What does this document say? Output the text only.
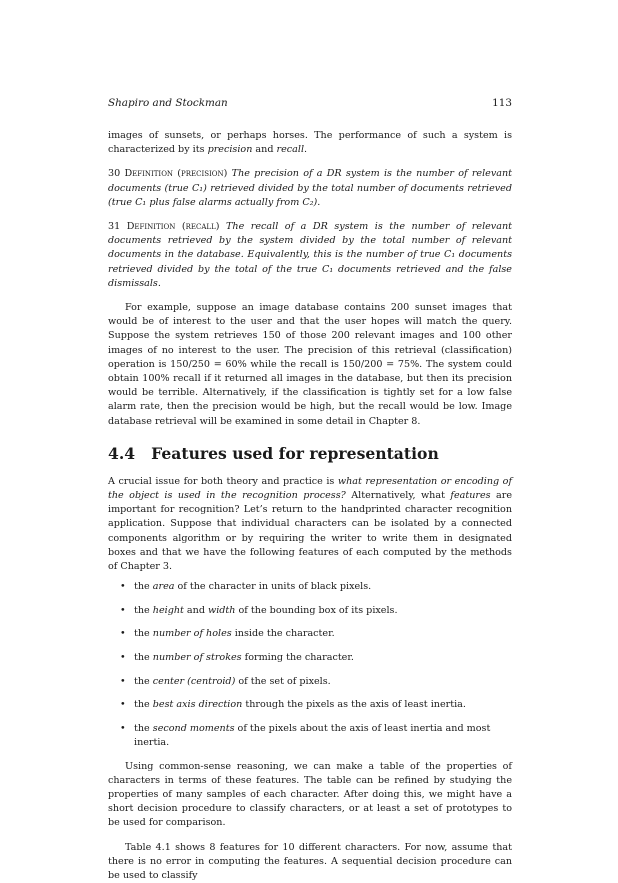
Shapiro and Stockman	113

images of sunsets, or perhaps horses. The performance of such a system is characterized by its precision and recall.

30 Definition (precision) The precision of a DR system is the number of relevant documents (true C₁) retrieved divided by the total number of documents retrieved (true C₁ plus false alarms actually from C₂).
31 Definition (recall) The recall of a DR system is the number of relevant documents retrieved by the system divided by the total number of relevant documents in the database. Equivalently, this is the number of true C₁ documents retrieved divided by the total of the true C₁ documents retrieved and the false dismissals.

For example, suppose an image database contains 200 sunset images that would be of interest to the user and that the user hopes will match the query. Suppose the system retrieves 150 of those 200 relevant images and 100 other images of no interest to the user. The precision of this retrieval (classification) operation is 150/250 = 60% while the recall is 150/200 = 75%. The system could obtain 100% recall if it returned all images in the database, but then its precision would be terrible. Alternatively, if the classification is tightly set for a low false alarm rate, then the precision would be high, but the recall would be low. Image database retrieval will be examined in some detail in Chapter 8.

4.4 Features used for representation

A crucial issue for both theory and practice is what representation or encoding of the object is used in the recognition process? Alternatively, what features are important for recognition? Let’s return to the handprinted character recognition application. Suppose that individual characters can be isolated by a connected components algorithm or by requiring the writer to write them in designated boxes and that we have the following features of each computed by the methods of Chapter 3.

• the area of the character in units of black pixels.
• the height and width of the bounding box of its pixels.
• the number of holes inside the character.
• the number of strokes forming the character.
• the center (centroid) of the set of pixels.
• the best axis direction through the pixels as the axis of least inertia.
• the second moments of the pixels about the axis of least inertia and most inertia.

Using common-sense reasoning, we can make a table of the properties of characters in terms of these features. The table can be refined by studying the properties of many samples of each character. After doing this, we might have a short decision procedure to classify characters, or at least a set of prototypes to be used for comparison.

Table 4.1 shows 8 features for 10 different characters. For now, assume that there is no error in computing the features. A sequential decision procedure can be used to classify
